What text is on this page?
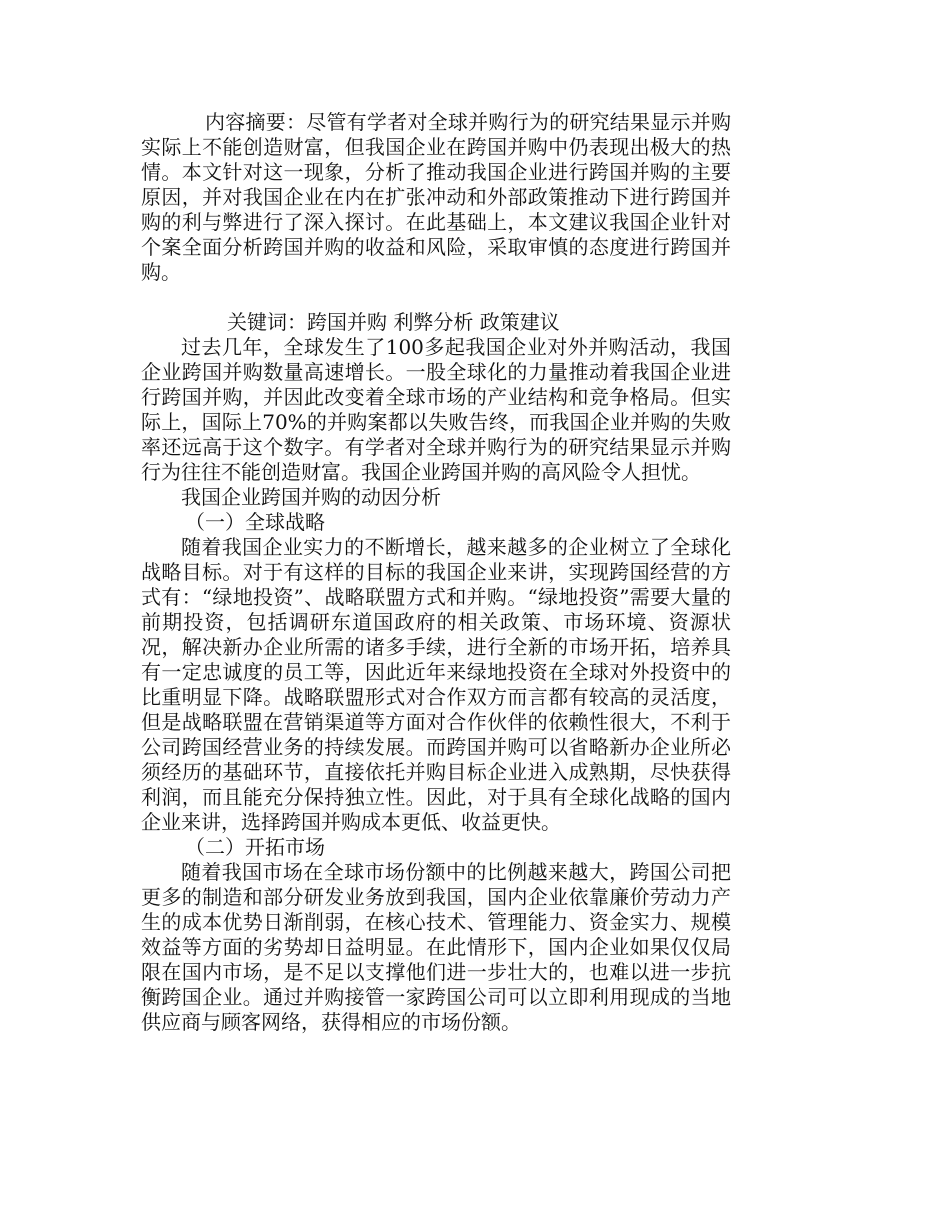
内容摘要：尽管有学者对全球并购行为的研究结果显示并购实际上不能创造财富，但我国企业在跨国并购中仍表现出极大的热情。本文针对这一现象，分析了推动我国企业进行跨国并购的主要原因，并对我国企业在内在扩张冲动和外部政策推动下进行跨国并购的利与弊进行了深入探讨。在此基础上，本文建议我国企业针对个案全面分析跨国并购的收益和风险，采取审慎的态度进行跨国并购。

关键词：跨国并购 利弊分析 政策建议

过去几年，全球发生了100多起我国企业对外并购活动，我国企业跨国并购数量高速增长。一股全球化的力量推动着我国企业进行跨国并购，并因此改变着全球市场的产业结构和竞争格局。但实际上，国际上70%的并购案都以失败告终，而我国企业并购的失败率还远高于这个数字。有学者对全球并购行为的研究结果显示并购行为往往不能创造财富。我国企业跨国并购的高风险令人担忧。

我国企业跨国并购的动因分析

（一）全球战略

随着我国企业实力的不断增长，越来越多的企业树立了全球化战略目标。对于有这样的目标的我国企业来讲，实现跨国经营的方式有：“绿地投资”、战略联盟方式和并购。“绿地投资”需要大量的前期投资，包括调研东道国政府的相关政策、市场环境、资源状况，解决新办企业所需的诸多手续，进行全新的市场开拓，培养具有一定忠诚度的员工等，因此近年来绿地投资在全球对外投资中的比重明显下降。战略联盟形式对合作双方而言都有较高的灵活度，但是战略联盟在营销渠道等方面对合作伙伴的依赖性很大，不利于公司跨国经营业务的持续发展。而跨国并购可以省略新办企业所必须经历的基础环节，直接依托并购目标企业进入成熟期，尽快获得利润，而且能充分保持独立性。因此，对于具有全球化战略的国内企业来讲，选择跨国并购成本更低、收益更快。

（二）开拓市场

随着我国市场在全球市场份额中的比例越来越大，跨国公司把更多的制造和部分研发业务放到我国，国内企业依靠廉价劳动力产生的成本优势日渐削弱，在核心技术、管理能力、资金实力、规模效益等方面的劣势却日益明显。在此情形下，国内企业如果仅仅局限在国内市场，是不足以支撑他们进一步壮大的，也难以进一步抗衡跨国企业。通过并购接管一家跨国公司可以立即利用现成的当地供应商与顾客网络，获得相应的市场份额。
